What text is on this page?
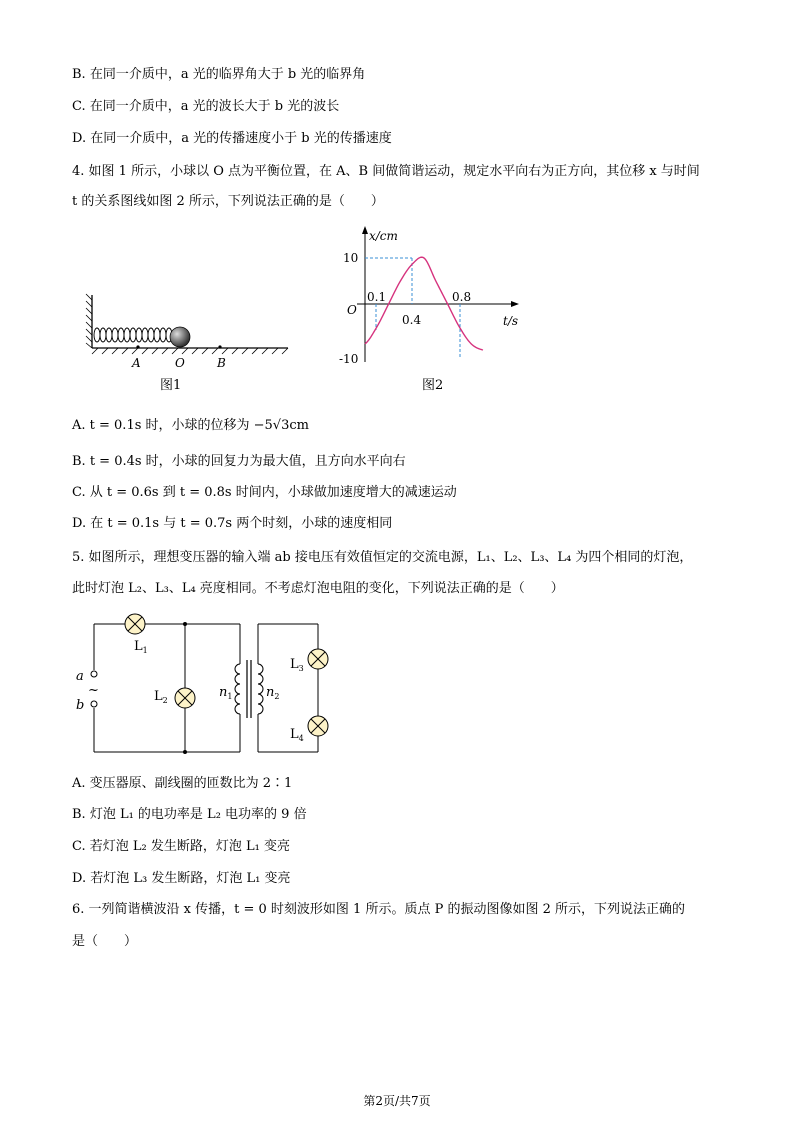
B. 在同一介质中，a 光的临界角大于 b 光的临界角
C. 在同一介质中，a 光的波长大于 b 光的波长
D. 在同一介质中，a 光的传播速度小于 b 光的传播速度
4. 如图 1 所示，小球以 O 点为平衡位置，在 A、B 间做简谐运动，规定水平向右为正方向，其位移 x 与时间
t 的关系图线如图 2 所示，下列说法正确的是（　　）
A	O	B
图1
x/cm
t/s
O
10
-10
0.1
0.4
0.8
图2
A. t = 0.1s 时，小球的位移为 −5√3cm
B. t = 0.4s 时，小球的回复力为最大值，且方向水平向右
C. 从 t = 0.6s 到 t = 0.8s 时间内，小球做加速度增大的减速运动
D. 在 t = 0.1s 与 t = 0.7s 两个时刻，小球的速度相同
5. 如图所示，理想变压器的输入端 ab 接电压有效值恒定的交流电源，L₁、L₂、L₃、L₄ 为四个相同的灯泡，
此时灯泡 L₂、L₃、L₄ 亮度相同。不考虑灯泡电阻的变化，下列说法正确的是（　　）
$L_1$
$L_2$
$L_3$
$L_4$
$n_1$	$n_2$
a
~
b
A. 变压器原、副线圈的匝数比为 2∶1
B. 灯泡 L₁ 的电功率是 L₂ 电功率的 9 倍
C. 若灯泡 L₂ 发生断路，灯泡 L₁ 变亮
D. 若灯泡 L₃ 发生断路，灯泡 L₁ 变亮
6. 一列简谐横波沿 x 传播，t = 0 时刻波形如图 1 所示。质点 P 的振动图像如图 2 所示，下列说法正确的
是（　　）
第2页/共7页
